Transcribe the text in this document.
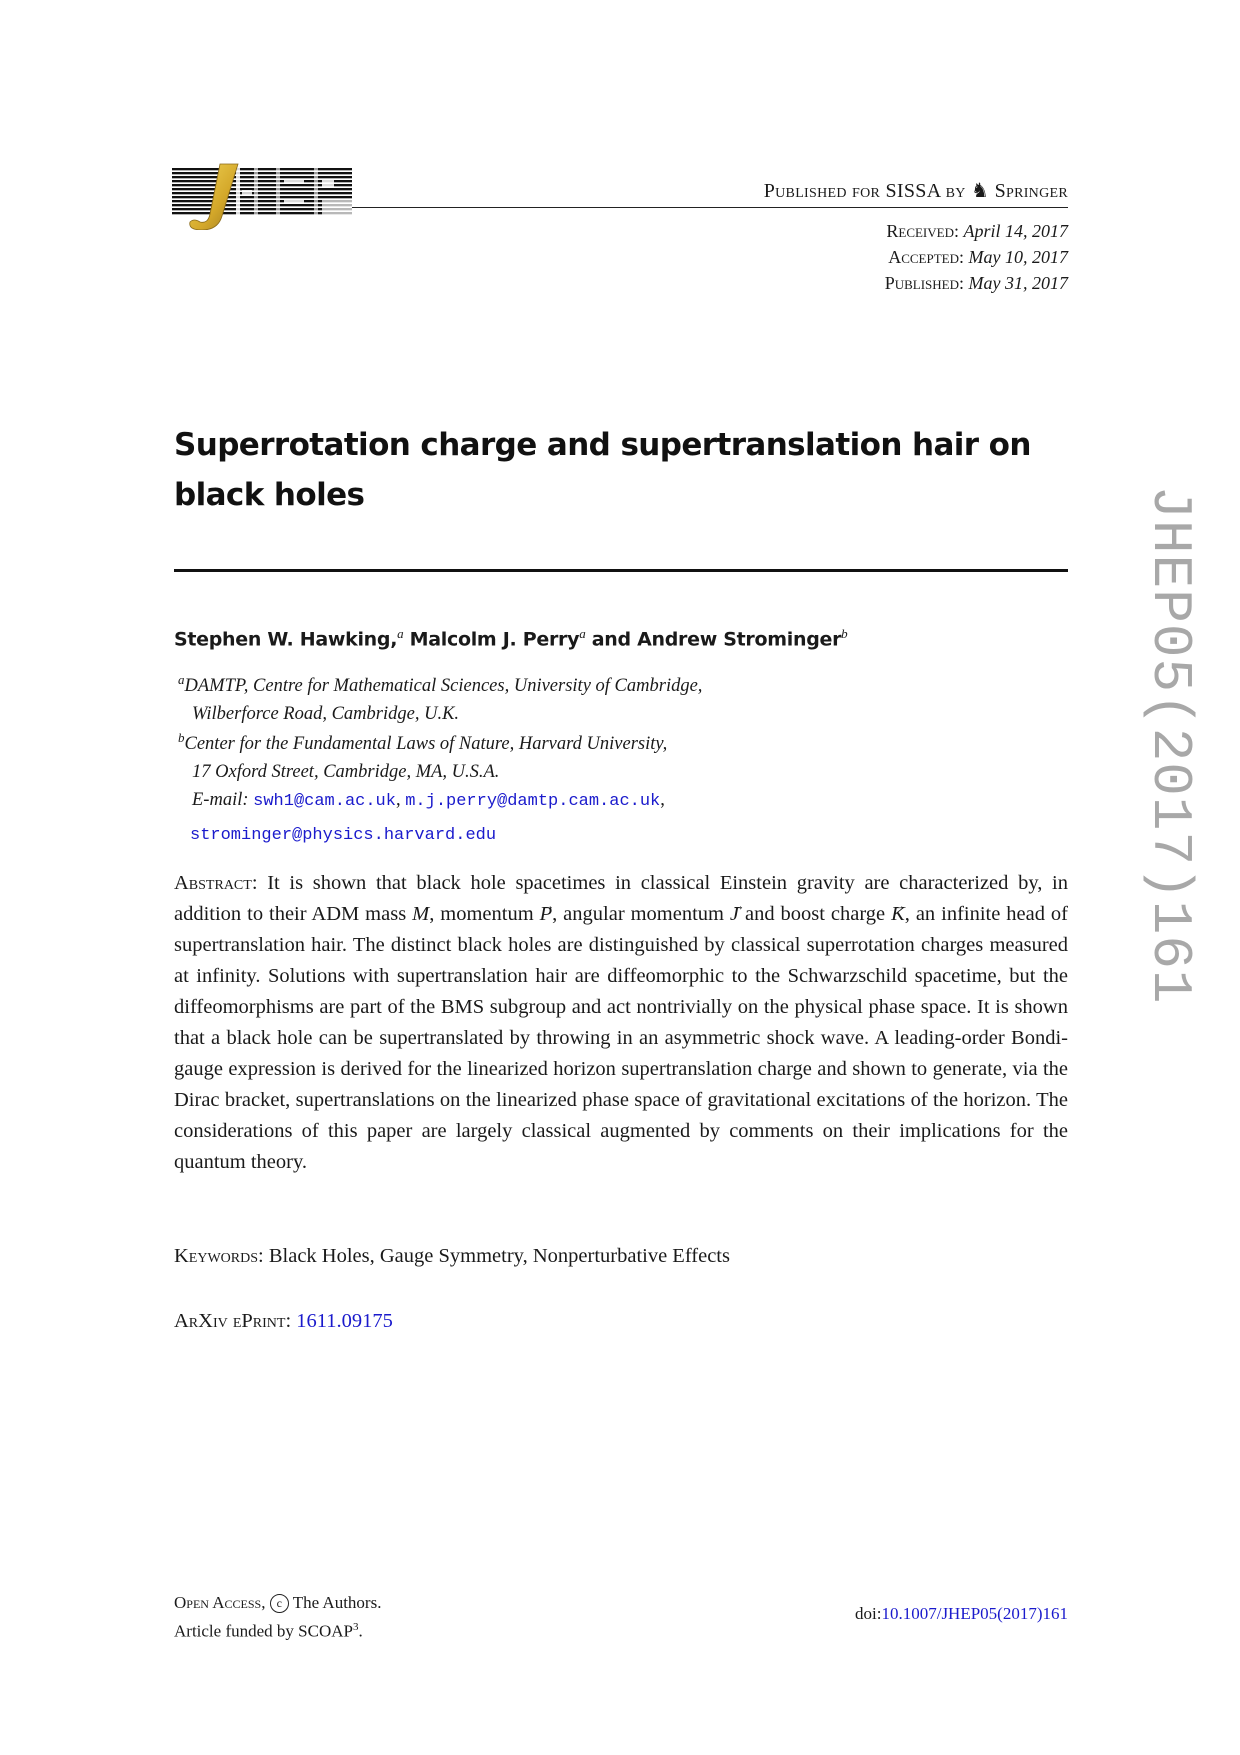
Published for SISSA by ♞ Springer
Received: April 14, 2017
Accepted: May 10, 2017
Published: May 31, 2017
JHEP05(2017)161
Superrotation charge and supertranslation hair on
black holes
Stephen W. Hawking,$^a$ Malcolm J. Perry$^a$ and Andrew Strominger$^b$
$^a$DAMTP, Centre for Mathematical Sciences, University of Cambridge,
Wilberforce Road, Cambridge, U.K.
$^b$Center for the Fundamental Laws of Nature, Harvard University,
17 Oxford Street, Cambridge, MA, U.S.A.
E-mail: swh1@cam.ac.uk, m.j.perry@damtp.cam.ac.uk,
strominger@physics.harvard.edu
Abstract: It is shown that black hole spacetimes in classical Einstein gravity are characterized by, in addition to their ADM mass M, momentum → P, angular momentum → J and boost charge → K, an infinite head of supertranslation hair. The distinct black holes are distinguished by classical superrotation charges measured at infinity. Solutions with supertranslation hair are diffeomorphic to the Schwarzschild spacetime, but the diffeomorphisms are part of the BMS subgroup and act nontrivially on the physical phase space. It is shown that a black hole can be supertranslated by throwing in an asymmetric shock wave. A leading-order Bondi-gauge expression is derived for the linearized horizon supertranslation charge and shown to generate, via the Dirac bracket, supertranslations on the linearized phase space of gravitational excitations of the horizon. The considerations of this paper are largely classical augmented by comments on their implications for the quantum theory.
Keywords: Black Holes, Gauge Symmetry, Nonperturbative Effects
ArXiv ePrint: 1611.09175
Open Access, c The Authors.
Article funded by SCOAP$^3$.
doi:10.1007/JHEP05(2017)161
